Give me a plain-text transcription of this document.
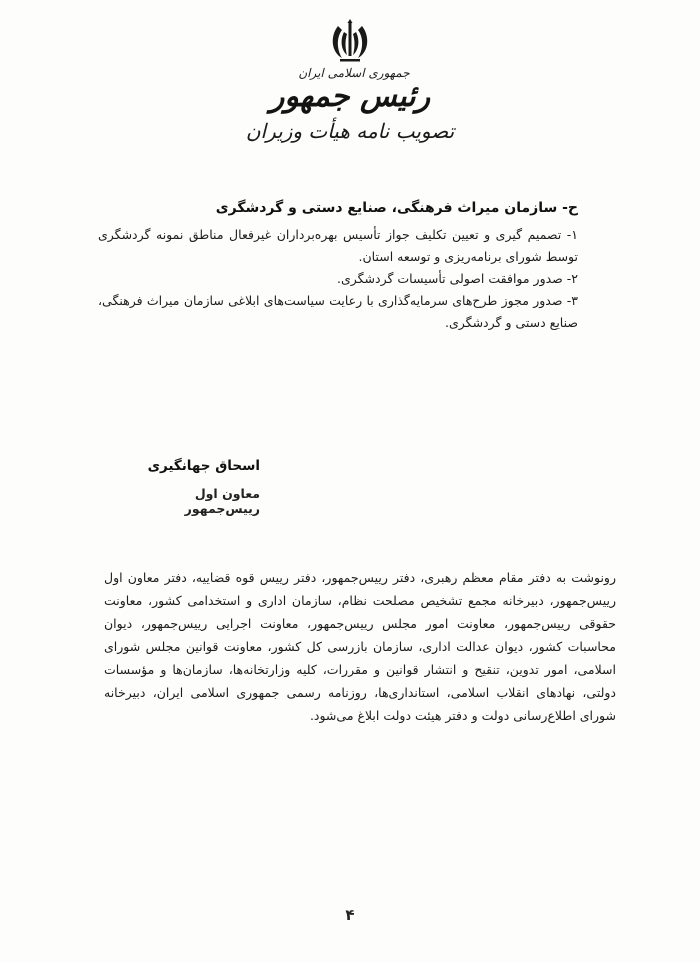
جمهوری اسلامی ایران
رئیس جمهور
تصویب نامه هیأت وزیران

ح- سازمان میراث فرهنگی، صنایع دستی و گردشگری

۱- تصمیم گیری و تعیین تکلیف جواز تأسیس بهره‌برداران غیرفعال مناطق نمونه گردشگری توسط شورای برنامه‌ریزی و توسعه استان.

۲- صدور موافقت اصولی تأسیسات گردشگری.

۳- صدور مجوز طرح‌های سرمایه‌گذاری با رعایت سیاست‌های ابلاغی سازمان میراث فرهنگی، صنایع دستی و گردشگری.

اسحاق جهانگیری

معاون اول رییس‌جمهور

رونوشت به دفتر مقام معظم رهبری، دفتر رییس‌جمهور، دفتر رییس قوه قضاییه، دفتر معاون اول رییس‌جمهور، دبیرخانه مجمع تشخیص مصلحت نظام، سازمان اداری و استخدامی کشور، معاونت حقوقی رییس‌جمهور، معاونت امور مجلس رییس‌جمهور، معاونت اجرایی رییس‌جمهور، دیوان محاسبات کشور، دیوان عدالت اداری، سازمان بازرسی کل کشور، معاونت قوانین مجلس شورای اسلامی، امور تدوین، تنقیح و انتشار قوانین و مقررات، کلیه وزارتخانه‌ها، سازمان‌ها و مؤسسات دولتی، نهادهای انقلاب اسلامی، استانداری‌ها، روزنامه رسمی جمهوری اسلامی ایران، دبیرخانه شورای اطلاع‌رسانی دولت و دفتر هیئت دولت ابلاغ می‌شود.
۴
